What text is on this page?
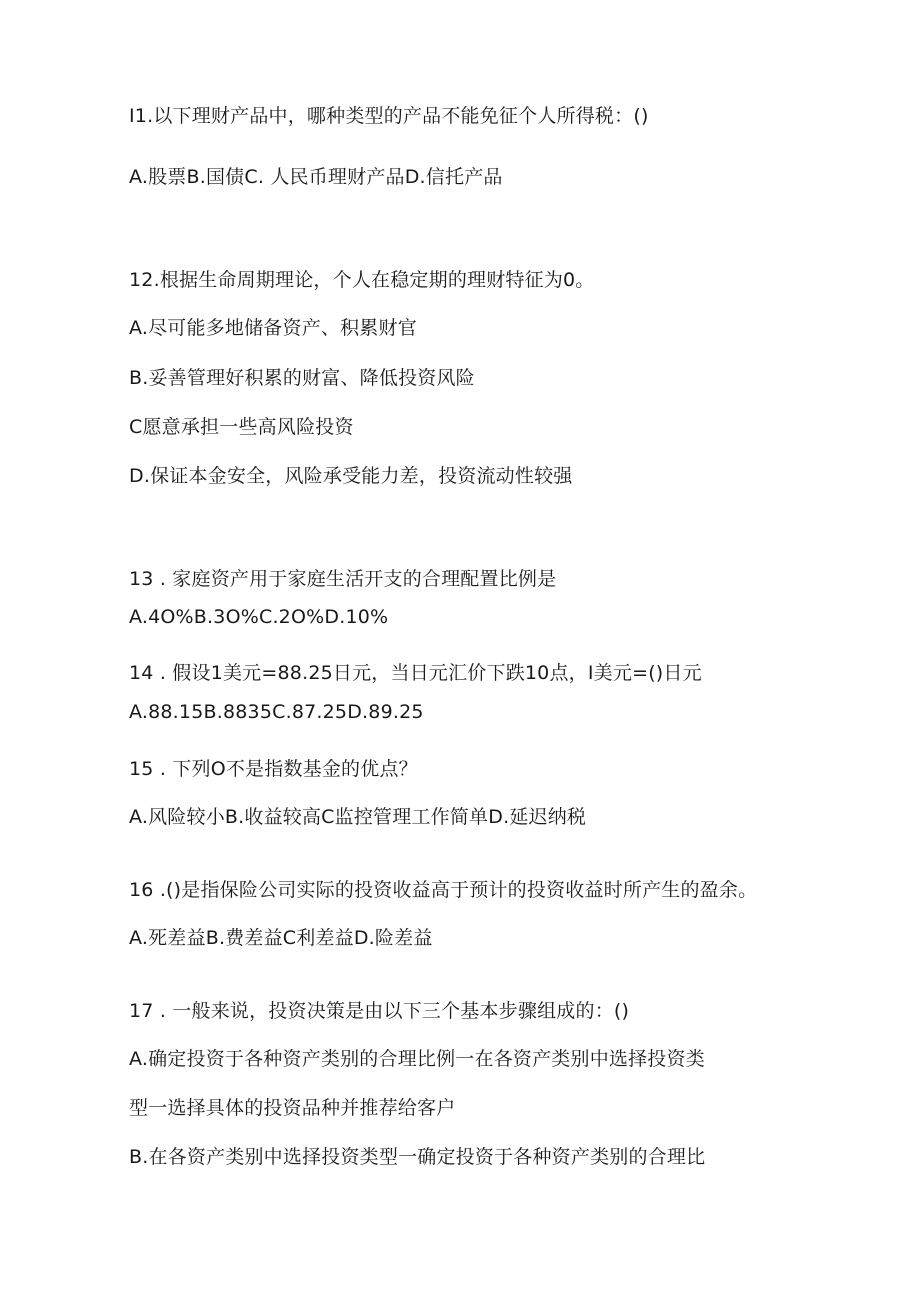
I1.以下理财产品中，哪种类型的产品不能免征个人所得税：()
A.股票B.国债C. 人民币理财产品D.信托产品
12.根据生命周期理论，个人在稳定期的理财特征为0。
A.尽可能多地储备资产、积累财官
B.妥善管理好积累的财富、降低投资风险
C愿意承担一些高风险投资
D.保证本金安全，风险承受能力差，投资流动性较强
13 . 家庭资产用于家庭生活开支的合理配置比例是
A.4O%B.3O%C.2O%D.10%
14 . 假设1美元=88.25日元，当日元汇价下跌10点，I美元=()日元
A.88.15B.8835C.87.25D.89.25
15 . 下列O不是指数基金的优点？
A.风险较小B.收益较高C监控管理工作简单D.延迟纳税
16 .()是指保险公司实际的投资收益高于预计的投资收益时所产生的盈余。
A.死差益B.费差益C利差益D.险差益
17 . 一般来说，投资决策是由以下三个基本步骤组成的：()
A.确定投资于各种资产类别的合理比例一在各资产类别中选择投资类
型一选择具体的投资品种并推荐给客户
B.在各资产类别中选择投资类型一确定投资于各种资产类别的合理比
